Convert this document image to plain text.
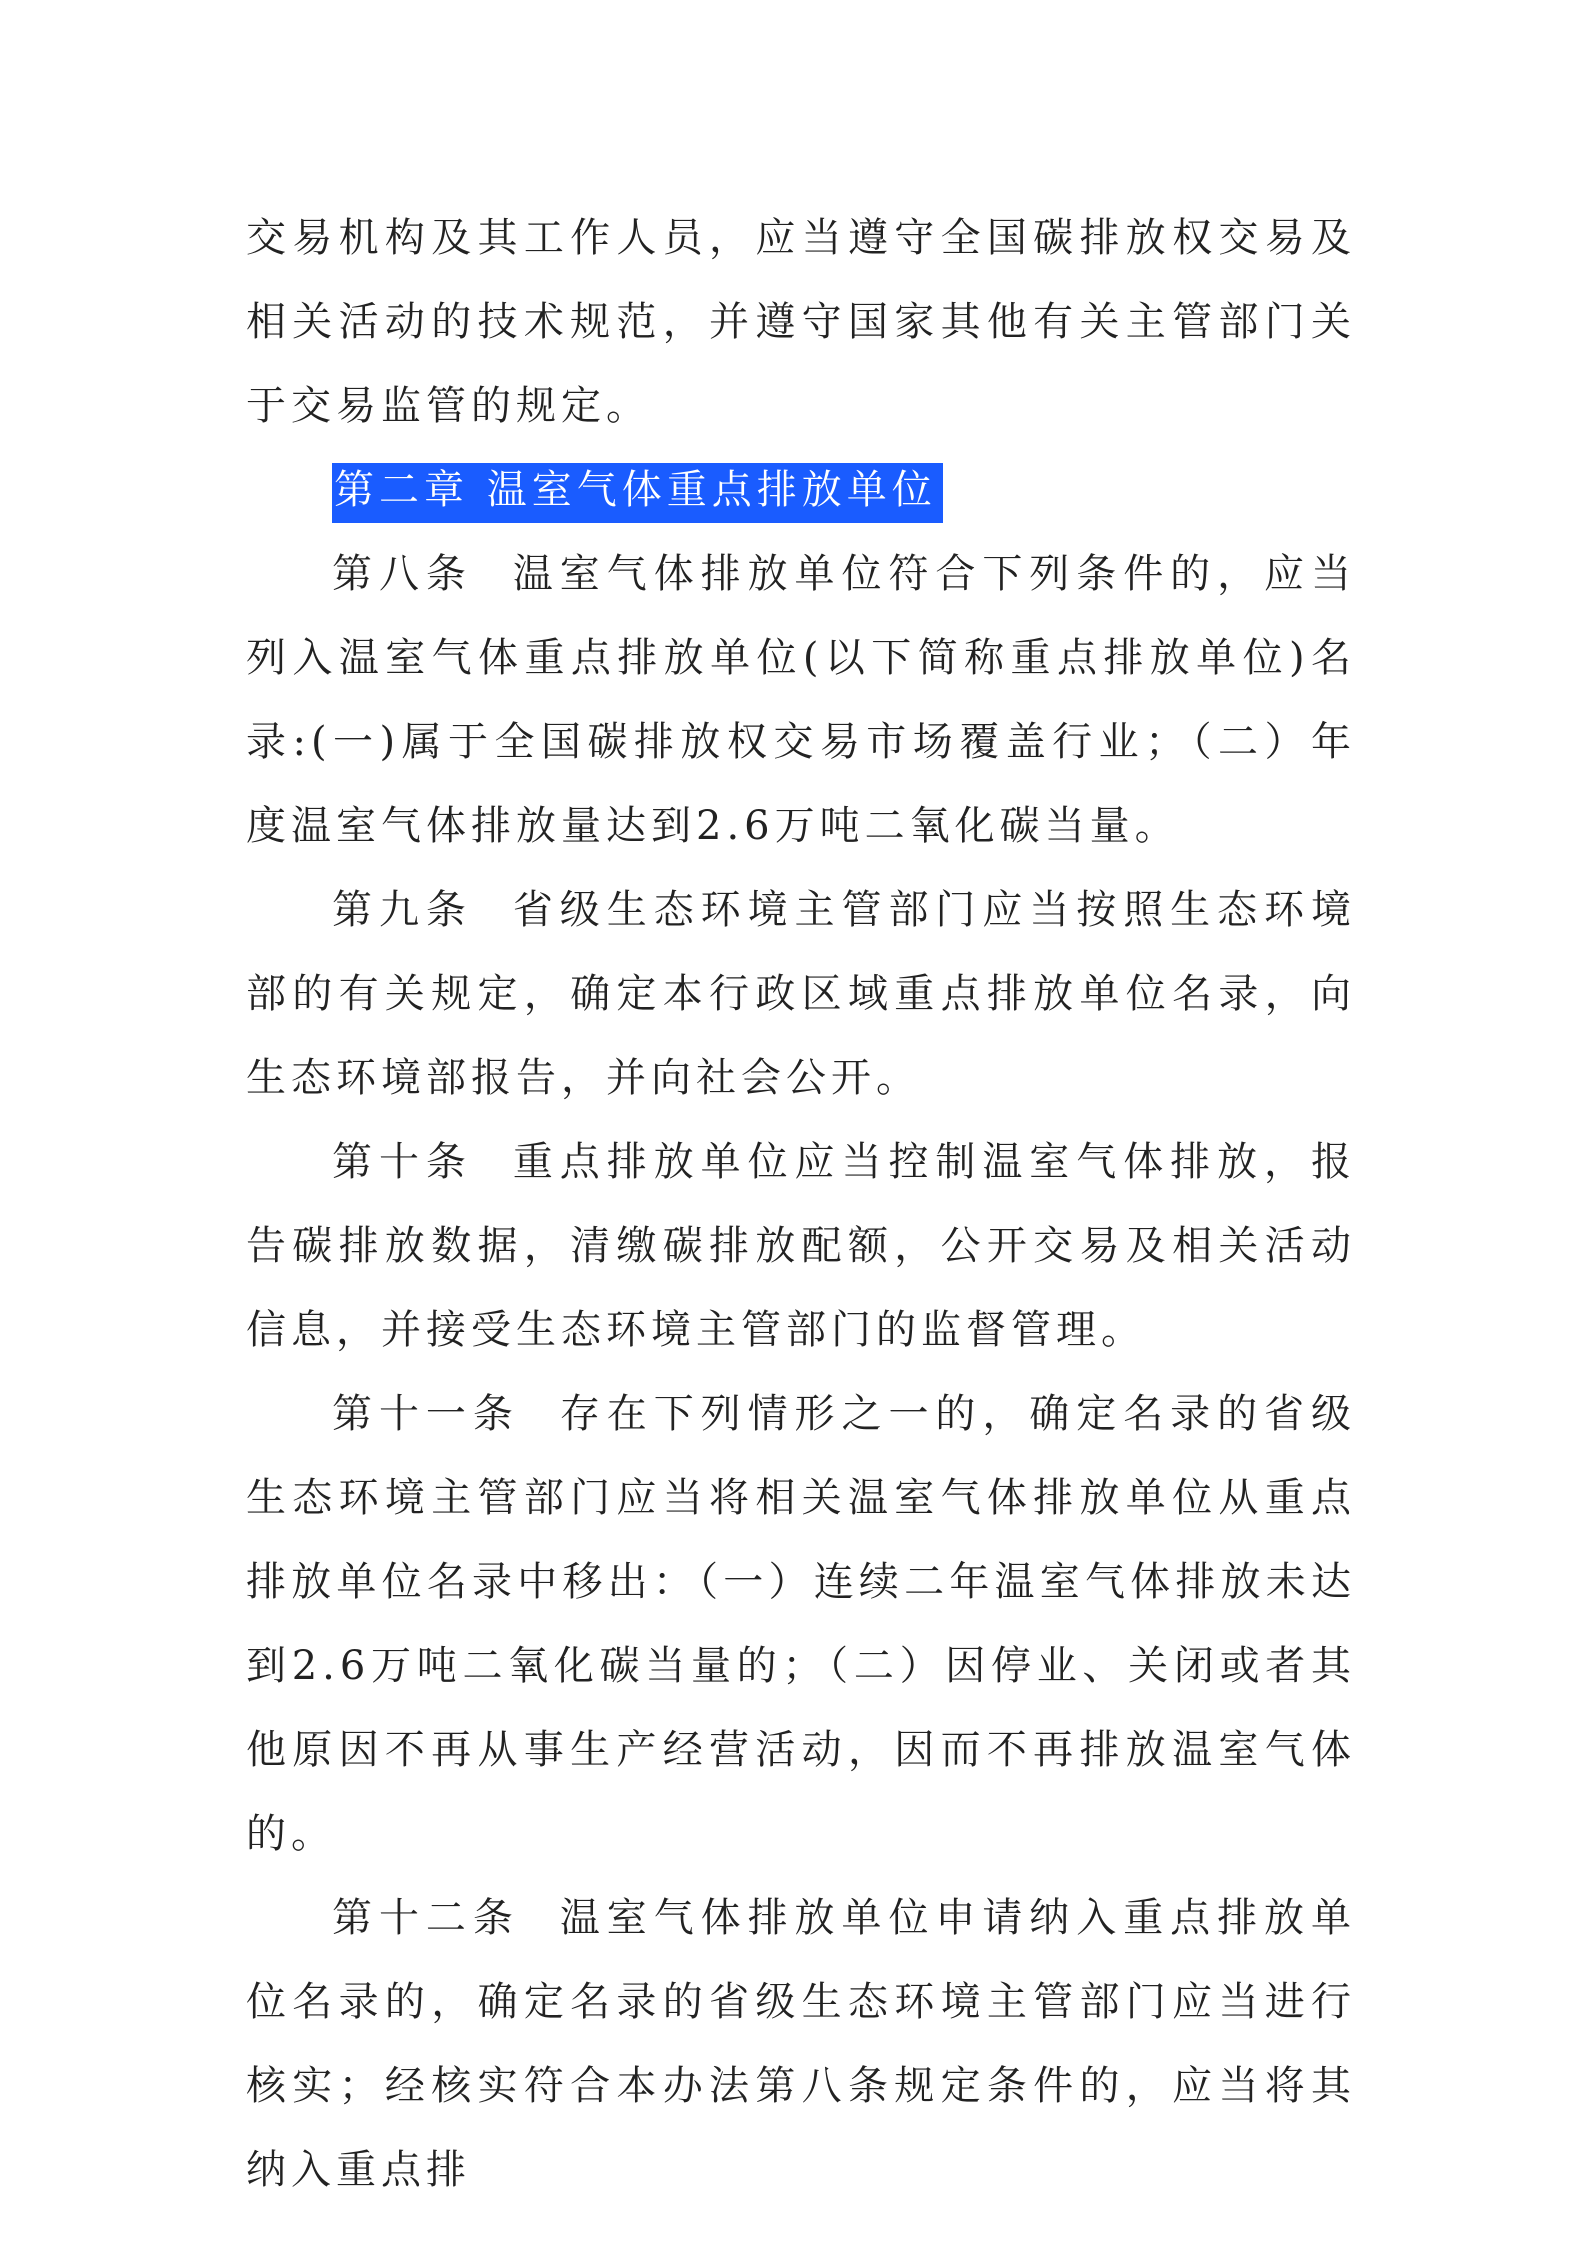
交易机构及其工作人员，应当遵守全国碳排放权交易及相关活动的技术规范，并遵守国家其他有关主管部门关于交易监管的规定。

第二章 温室气体重点排放单位

第八条 温室气体排放单位符合下列条件的，应当列入温室气体重点排放单位(以下简称重点排放单位)名录:(一)属于全国碳排放权交易市场覆盖行业；（二）年度温室气体排放量达到2.6万吨二氧化碳当量。

第九条 省级生态环境主管部门应当按照生态环境部的有关规定，确定本行政区域重点排放单位名录，向生态环境部报告，并向社会公开。

第十条 重点排放单位应当控制温室气体排放，报告碳排放数据，清缴碳排放配额，公开交易及相关活动信息，并接受生态环境主管部门的监督管理。

第十一条 存在下列情形之一的，确定名录的省级生态环境主管部门应当将相关温室气体排放单位从重点排放单位名录中移出：（一）连续二年温室气体排放未达到2.6万吨二氧化碳当量的；（二）因停业、关闭或者其他原因不再从事生产经营活动，因而不再排放温室气体的。

第十二条 温室气体排放单位申请纳入重点排放单位名录的，确定名录的省级生态环境主管部门应当进行核实；经核实符合本办法第八条规定条件的，应当将其纳入重点排
